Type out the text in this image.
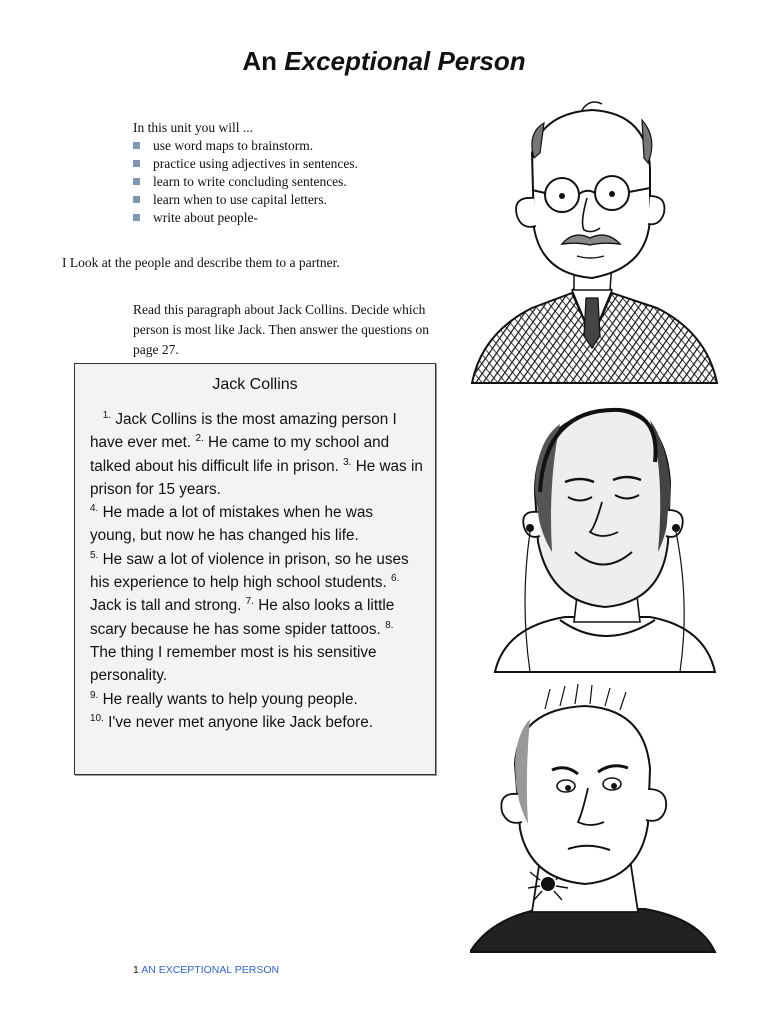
An Exceptional Person
In this unit you will ...
use word maps to brainstorm.
practice using adjectives in sentences.
learn to write concluding sentences.
learn when to use capital letters.
write about people-
I Look at the people and describe them to a partner.
Read this paragraph about Jack Collins. Decide which person is most like Jack. Then answer the questions on page 27.
Jack Collins
$^{1.}$ Jack Collins is the most amazing person I have ever met. $^{2.}$ He came to my school and talked about his difficult life in prison. $^{3.}$ He was in prison for 15 years.
$^{4.}$ He made a lot of mistakes when he was young, but now he has changed his life.
$^{5.}$ He saw a lot of violence in prison, so he uses his experience to help high school students. $^{6.}$ Jack is tall and strong. $^{7.}$ He also looks a little scary because he has some spider tattoos. $^{8.}$ The thing I remember most is his sensitive personality.
$^{9.}$ He really wants to help young people.
$^{10.}$ I've never met anyone like Jack before.
1 AN EXCEPTIONAL PERSON
